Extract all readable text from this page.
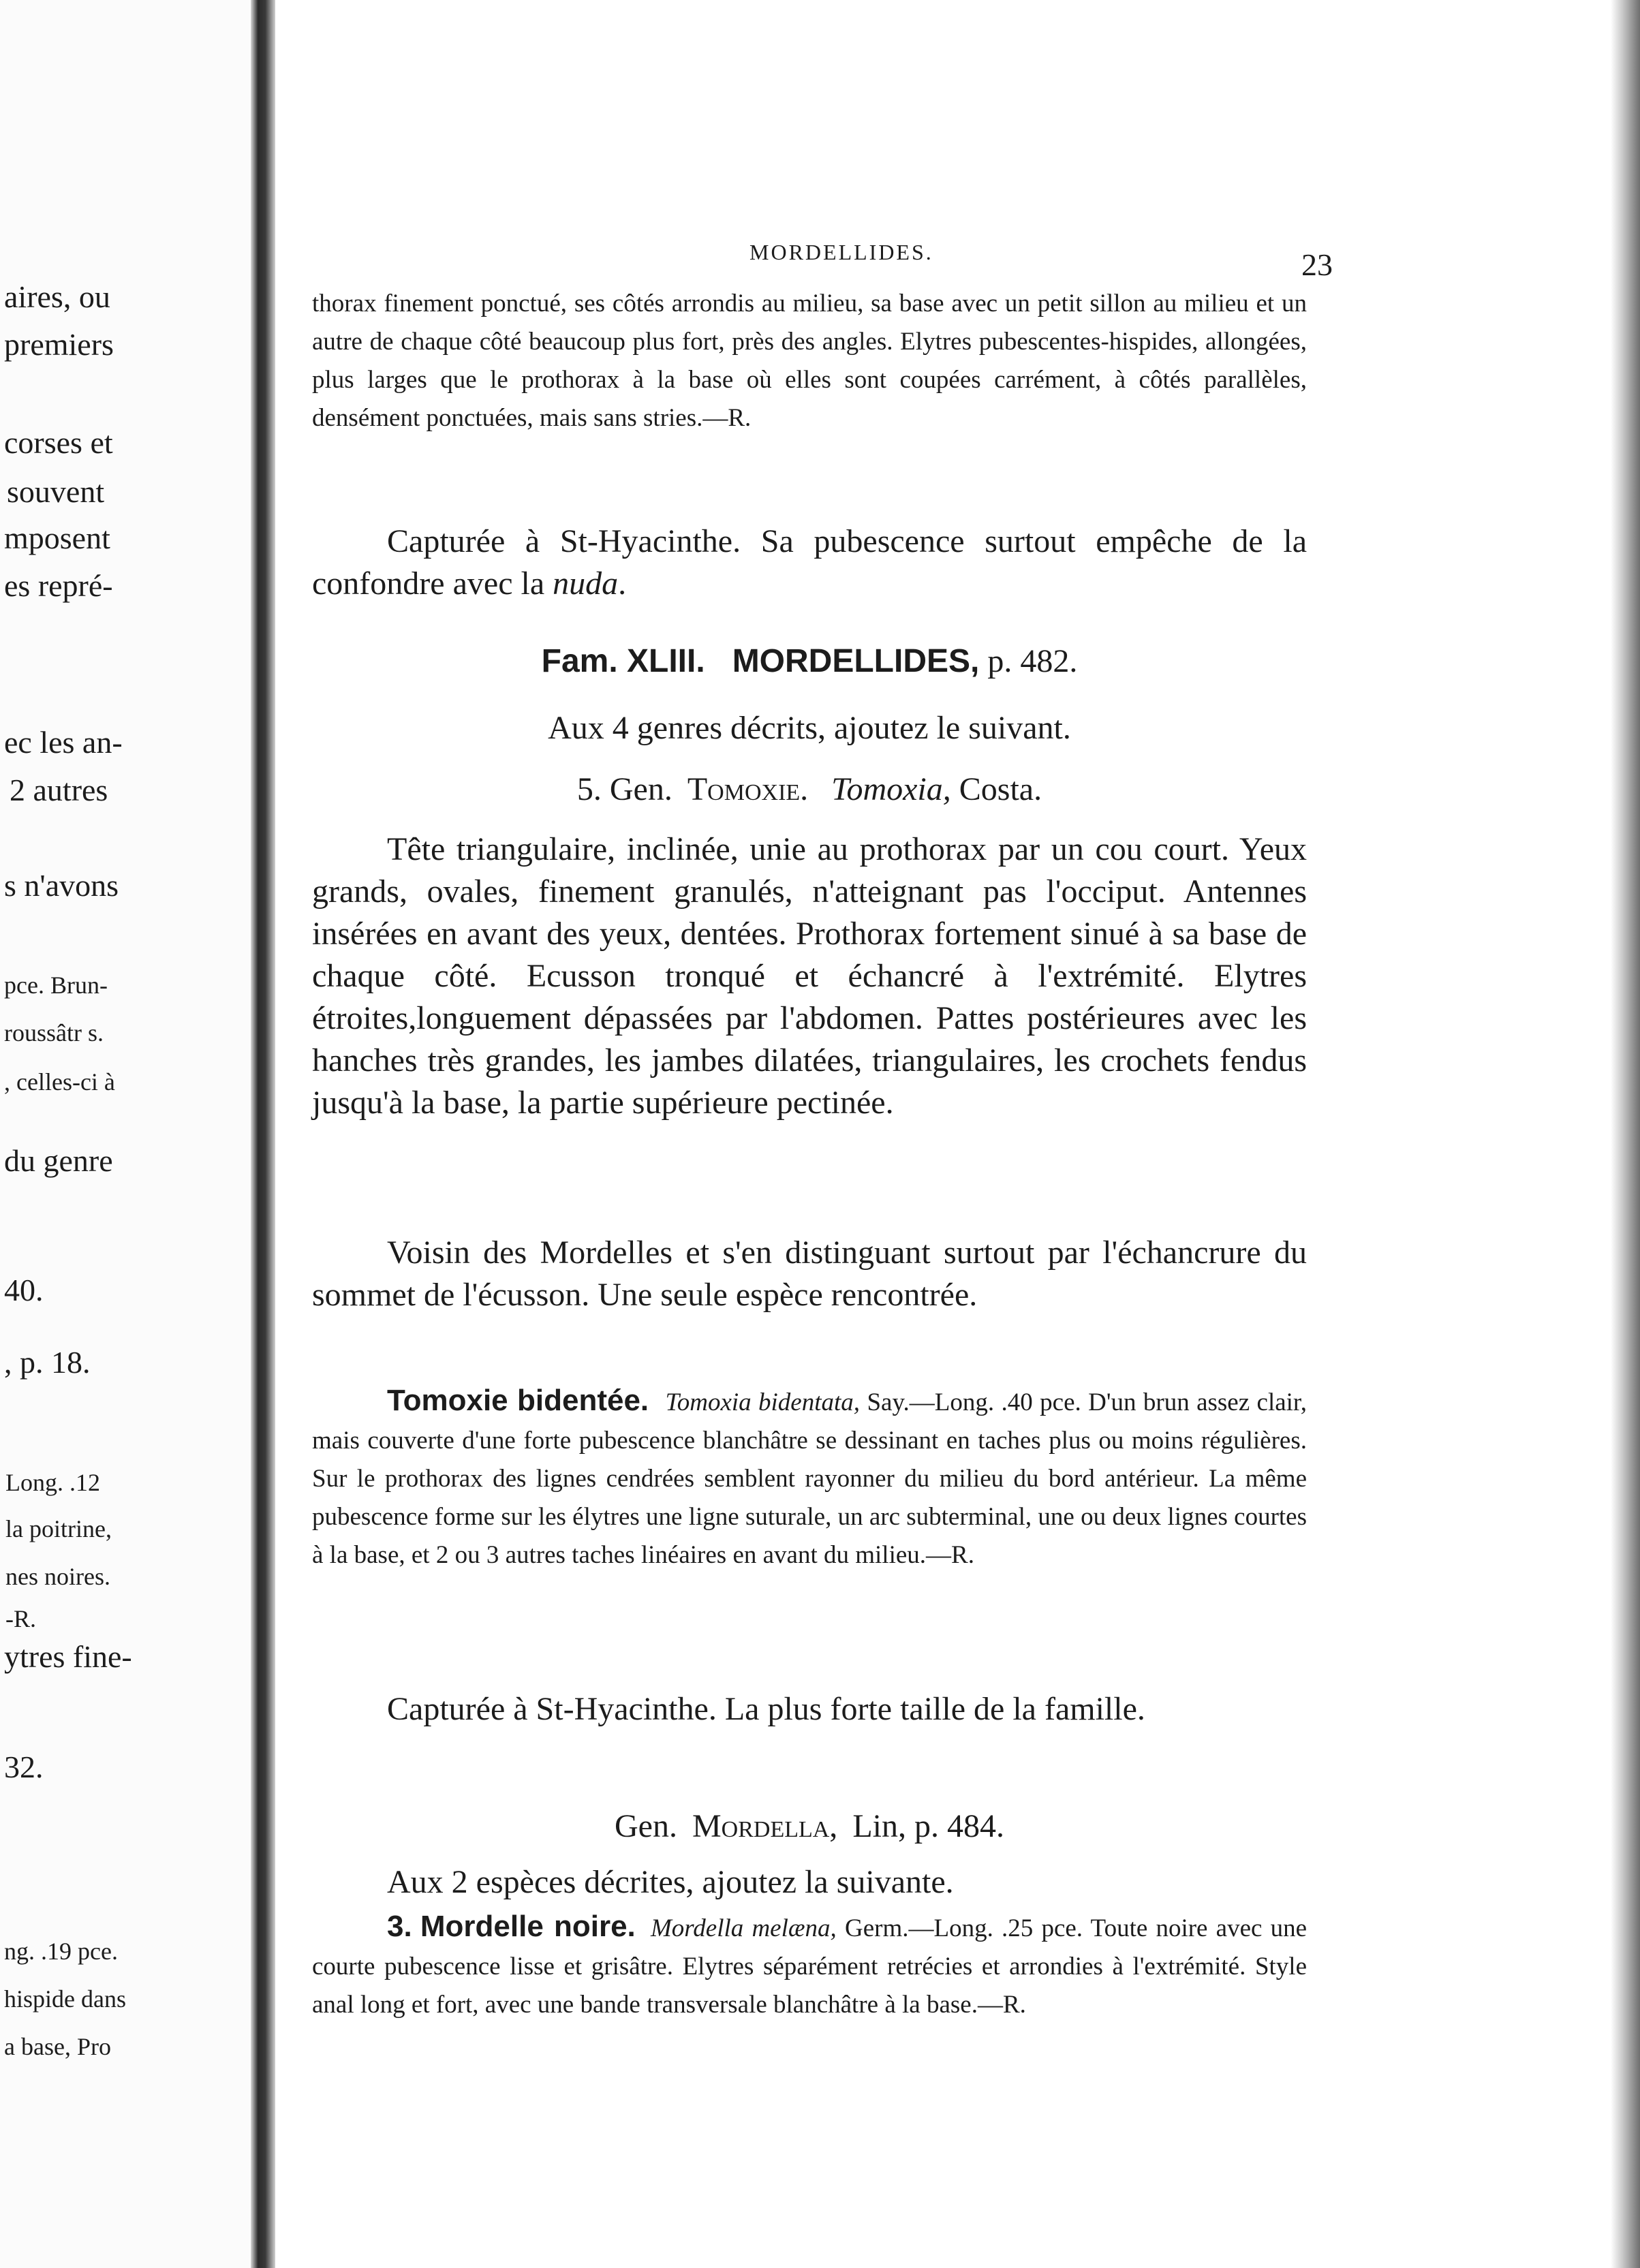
aires, ou
premiers
corses et
souvent
mposent
es repré-
ec les an-
2 autres
s n'avons
pce. Brun-
roussâtr s.
, celles-ci à
du genre
40.
, p. 18.
Long. .12
la poitrine,
nes noires.
-R.
ytres fine-
32.
ng. .19 pce.
hispide dans
a base, Pro
MORDELLIDES.	23

thorax finement ponctué, ses côtés arrondis au milieu, sa base avec un petit sillon au milieu et un autre de chaque côté beaucoup plus fort, près des angles. Elytres pubescentes-hispides, allongées, plus larges que le prothorax à la base où elles sont coupées carrément, à côtés parallèles, densément ponctuées, mais sans stries.—R.

Capturée à St-Hyacinthe. Sa pubescence surtout empêche de la confondre avec la nuda.

Fam. XLIII. MORDELLIDES, p. 482.
Aux 4 genres décrits, ajoutez le suivant.
5. Gen. Tomoxie. Tomoxia, Costa.

Tête triangulaire, inclinée, unie au prothorax par un cou court. Yeux grands, ovales, finement granulés, n'atteignant pas l'occiput. Antennes insérées en avant des yeux, dentées. Prothorax fortement sinué à sa base de chaque côté. Ecusson tronqué et échancré à l'extrémité. Elytres étroites,longuement dépassées par l'abdomen. Pattes postérieures avec les hanches très grandes, les jambes dilatées, triangulaires, les crochets fendus jusqu'à la base, la partie supérieure pectinée.

Voisin des Mordelles et s'en distinguant surtout par l'échancrure du sommet de l'écusson. Une seule espèce rencontrée.

Tomoxie bidentée. Tomoxia bidentata, Say.—Long. .40 pce. D'un brun assez clair, mais couverte d'une forte pubescence blanchâtre se dessinant en taches plus ou moins régulières. Sur le prothorax des lignes cendrées semblent rayonner du milieu du bord antérieur. La même pubescence forme sur les élytres une ligne suturale, un arc subterminal, une ou deux lignes courtes à la base, et 2 ou 3 autres taches linéaires en avant du milieu.—R.

Capturée à St-Hyacinthe. La plus forte taille de la famille.

Gen. Mordella, Lin, p. 484.

Aux 2 espèces décrites, ajoutez la suivante.

3. Mordelle noire. Mordella melæna, Germ.—Long. .25 pce. Toute noire avec une courte pubescence lisse et grisâtre. Elytres séparément retrécies et arrondies à l'extrémité. Style anal long et fort, avec une bande transversale blanchâtre à la base.—R.
